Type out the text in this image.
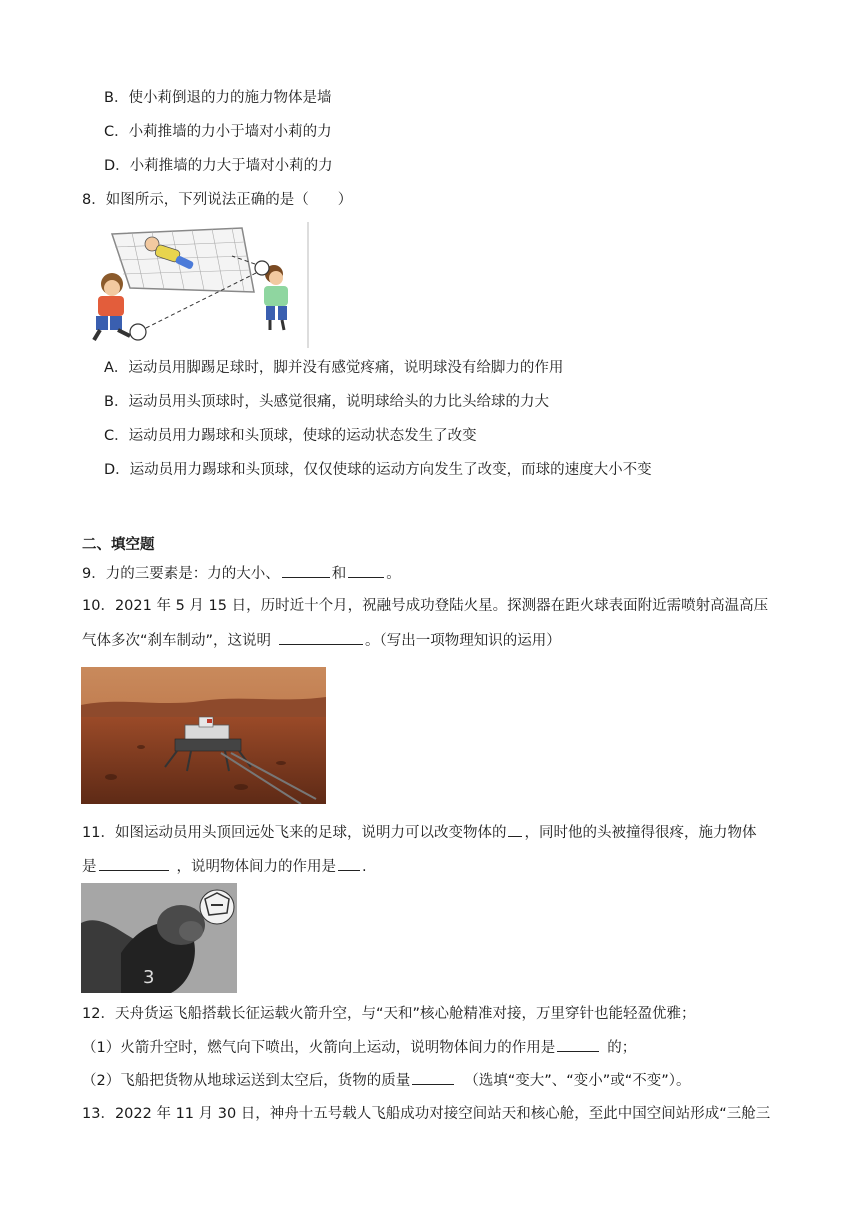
B．使小莉倒退的力的施力物体是墙
C．小莉推墙的力小于墙对小莉的力
D．小莉推墙的力大于墙对小莉的力
8．如图所示，下列说法正确的是（　　）
A．运动员用脚踢足球时，脚并没有感觉疼痛，说明球没有给脚力的作用
B．运动员用头顶球时，头感觉很痛，说明球给头的力比头给球的力大
C．运动员用力踢球和头顶球，使球的运动状态发生了改变
D．运动员用力踢球和头顶球，仅仅使球的运动方向发生了改变，而球的速度大小不变
二、填空题
9．力的三要素是：力的大小、	和	。
10．2021 年 5 月 15 日，历时近十个月，祝融号成功登陆火星。探测器在距火球表面附近需喷射高温高压
气体多次“刹车制动”，这说明	。（写出一项物理知识的运用）
11．如图运动员用头顶回远处飞来的足球，说明力可以改变物体的 ，同时他的头被撞得很疼，施力物体
是	，说明物体间力的作用是 .
3
12．天舟货运飞船搭载长征运载火箭升空，与“天和”核心舱精准对接，万里穿针也能轻盈优雅；
（1）火箭升空时，燃气向下喷出，火箭向上运动，说明物体间力的作用是	的；
（2）飞船把货物从地球运送到太空后，货物的质量	（选填“变大”、“变小”或“不变”）。
13．2022 年 11 月 30 日，神舟十五号载人飞船成功对接空间站天和核心舱，至此中国空间站形成“三舱三
